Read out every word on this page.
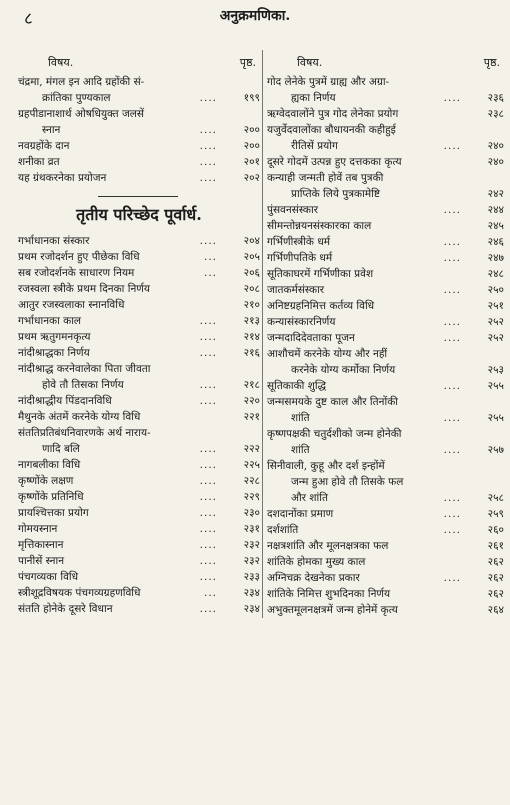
८	अनुक्रमणिका.
विषय.	पृष्ठ.
चंद्रमा, मंगल इन आदि ग्रहोंकी सं-
क्रांतिका पुण्यकाल	....	१९९
ग्रहपीडानाशार्थ ओषधियुक्त जलसें
स्नान	....	२००
नवग्रहोंके दान	....	२००
शनीका व्रत	....	२०१
यह ग्रंथकरनेका प्रयोजन	....	२०२
तृतीय परिच्छेद पूर्वार्ध.
गर्भाधानका संस्कार	....	२०४
प्रथम रजोदर्शन हुए पीछेका विधि	...	२०५
सब रजोदर्शनके साधारण नियम	...	२०६
रजस्वला स्त्रीके प्रथम दिनका निर्णय	२०८
आतुर रजस्वलाका स्नानविधि	२१०
गर्भाधानका काल	....	२१३
प्रथम ऋतुगमनकृत्य	....	२१४
नांदीश्राद्धका निर्णय	....	२१६
नांदीश्राद्ध करनेवालेका पिता जीवता
होवे तौ तिसका निर्णय	....	२१८
नांदीश्राद्धीय पिंडदानविधि	....	२२०
मैथुनके अंतमें करनेके योग्य विधि	२२१
संततिप्रतिबंधनिवारणके अर्थ नाराय-
णादि बलि	....	२२२
नागबलीका विधि	....	२२५
कृष्णोंके लक्षण	....	२२८
कृष्णोंके प्रतिनिधि	....	२२९
प्रायश्चित्तका प्रयोग	....	२३०
गोमयस्नान	....	२३१
मृत्तिकास्नान	....	२३२
पानीसें स्नान	....	२३२
पंचगव्यका विधि	....	२३३
स्त्रीशूद्रविषयक पंचगव्यग्रहणविधि	...	२३४
संतति होनेके दूसरे विधान	....	२३४
विषय.	पृष्ठ.
गोद लेनेके पुत्रमें ग्राह्य और अग्रा-
ह्यका निर्णय	....	२३६
ऋग्वेदवालोंने पुत्र गोद लेनेका प्रयोग	२३८
यजुर्वेदवालोंका बौधायनकी कहीहुई
रीतिसें प्रयोग	....	२४०
दूसरे गोदमें उत्पन्न हुए दत्तकका कृत्य	२४०
कन्याही जन्मती होवें तब पुत्रकी
प्राप्तिके लिये पुत्रकामेष्टि	२४२
पुंसवनसंस्कार	....	२४४
सीमन्तोन्नयनसंस्कारका काल	२४५
गर्भिणीस्त्रीके धर्म	....	२४६
गर्भिणीपतिके धर्म	....	२४७
सूतिकाघरमें गर्भिणीका प्रवेश	२४८
जातकर्मसंस्कार	....	२५०
अनिष्टग्रहनिमित्त कर्तव्य विधि	२५१
कन्यासंस्कारनिर्णय	....	२५२
जन्मदादिदेवताका पूजन	....	२५२
आशौचमें करनेके योग्य और नहीं
करनेके योग्य कर्मोका निर्णय	२५३
सूतिकाकी शुद्धि	....	२५५
जन्मसमयके दुष्ट काल और तिनोंकी
शांति	....	२५५
कृष्णपक्षकी चतुर्दशीको जन्म होनेकी
शांति	....	२५७
सिनीवाली, कुहू और दर्श इन्होंमें
जन्म हुआ होवे तौ तिसके फल
और शांति	....	२५८
दशदानोंका प्रमाण	....	२५९
दर्शशांति	....	२६०
नक्षत्रशांति और मूलनक्षत्रका फल	२६१
शांतिके होमका मुख्य काल	२६२
अग्निचक्र देखनेका प्रकार	....	२६२
शांतिके निमित्त शुभदिनका निर्णय	२६२
अभुक्तमूलनक्षत्रमें जन्म होनेमें कृत्य	२६४
